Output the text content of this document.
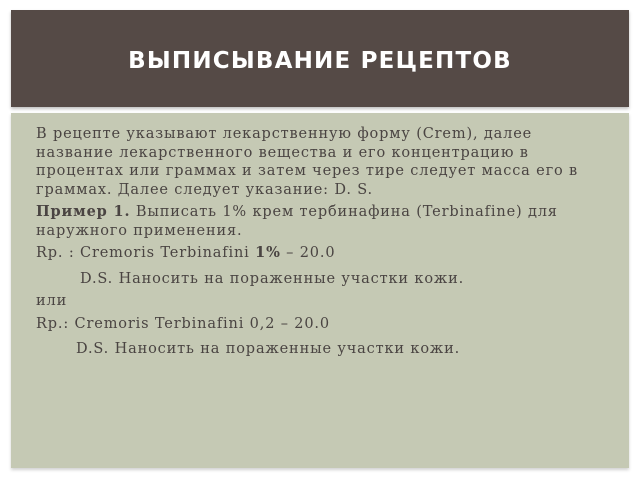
ВЫПИСЫВАНИЕ РЕЦЕПТОВ

В рецепте указывают лекарственную форму (Crem), далее название лекарственного вещества и его концентрацию в процентах или граммах и затем через тире следует масса его в граммах. Далее следует указание: D. S.

Пример 1. Выписать 1% крем тербинафина (Terbinafine) для наружного применения.

Rp. : Cremoris Terbinafini 1% – 20.0

D.S. Наносить на пораженные участки кожи.

или

Rp.: Cremoris Terbinafini 0,2 – 20.0

D.S. Наносить на пораженные участки кожи.
